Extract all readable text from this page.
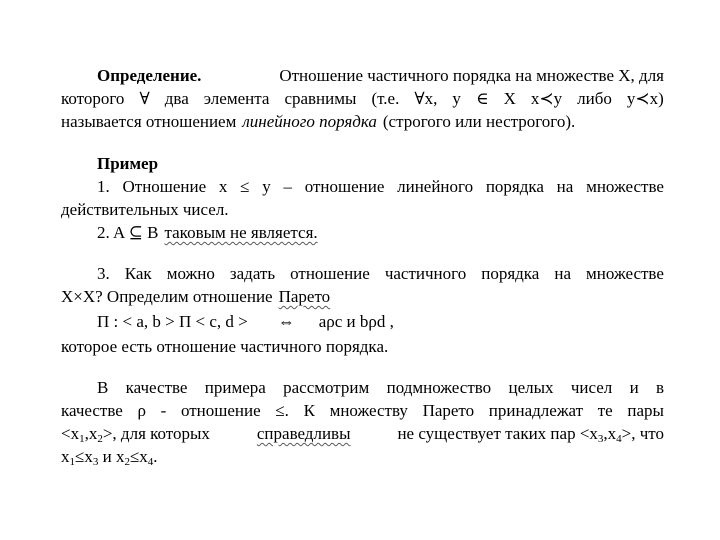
Определение.	Отношение частичного порядка на множестве X, для
которого ∀ два элемента сравнимы (т.е. ∀x, y ∈ X x≺y либо y≺x)
называется отношением линейного порядка (строгого или нестрогого).
Пример
1. Отношение x ≤ y – отношение линейного порядка на множестве
действительных чисел.
2. A ⊆ B таковым не является.
3. Как можно задать отношение частичного порядка на множестве
X×X? Определим отношение Парето
Π : < a, b > Π < c, d > ⇔ aρc и bρd ,
которое есть отношение частичного порядка.
В качестве примера рассмотрим подмножество целых чисел и в
качестве ρ - отношение ≤. К множеству Парето принадлежат те пары
$<x_1,x_2>$, для которых	справедливы	не существует таких пар $<x_3,x_4>$, что
$x_1\le x_3$ и $x_2\le x_4$.
